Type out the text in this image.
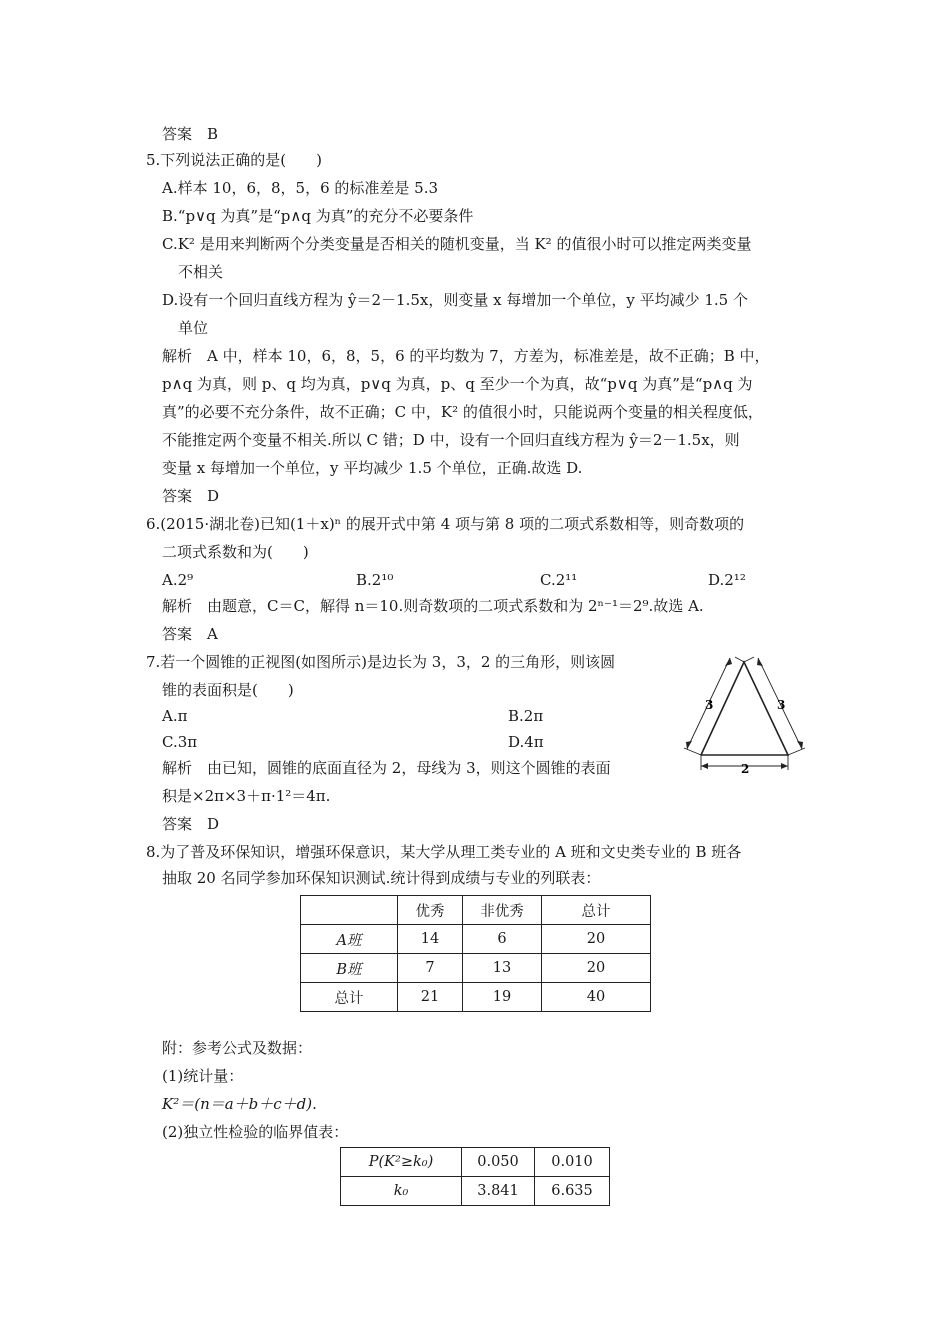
答案　B
5.下列说法正确的是(　　)
A.样本 10，6，8，5，6 的标准差是 5.3
B.“p∨q 为真”是“p∧q 为真”的充分不必要条件
C.K² 是用来判断两个分类变量是否相关的随机变量，当 K² 的值很小时可以推定两类变量
不相关
D.设有一个回归直线方程为 ŷ＝2－1.5x，则变量 x 每增加一个单位，y 平均减少 1.5 个
单位
解析　A 中，样本 10，6，8，5，6 的平均数为 7，方差为，标准差是，故不正确；B 中，
p∧q 为真，则 p、q 均为真，p∨q 为真，p、q 至少一个为真，故“p∨q 为真”是“p∧q 为
真”的必要不充分条件，故不正确；C 中，K² 的值很小时，只能说两个变量的相关程度低，
不能推定两个变量不相关.所以 C 错；D 中，设有一个回归直线方程为 ŷ＝2－1.5x，则
变量 x 每增加一个单位，y 平均减少 1.5 个单位，正确.故选 D.
答案　D
6.(2015·湖北卷)已知(1＋x)ⁿ 的展开式中第 4 项与第 8 项的二项式系数相等，则奇数项的
二项式系数和为(　　)
A.2⁹	B.2¹⁰	C.2¹¹	D.2¹²
解析　由题意，C＝C，解得 n＝10.则奇数项的二项式系数和为 2ⁿ⁻¹＝2⁹.故选 A.
答案　A
7.若一个圆锥的正视图(如图所示)是边长为 3，3，2 的三角形，则该圆
锥的表面积是(　　)
A.π	B.2π
C.3π	D.4π
解析　由已知，圆锥的底面直径为 2，母线为 3，则这个圆锥的表面
积是×2π×3＋π·1²＝4π.
答案　D
3	3
2
8.为了普及环保知识，增强环保意识，某大学从理工类专业的 A 班和文史类专业的 B 班各
抽取 20 名同学参加环保知识测试.统计得到成绩与专业的列联表：
	优秀	非优秀	总计
A班	14	6	20
B班	7	13	20
总计	21	19	40
附：参考公式及数据：
(1)统计量：
K²＝(n＝a＋b＋c＋d).
(2)独立性检验的临界值表：
P(K²≥k₀)	0.050	0.010
k₀	3.841	6.635
